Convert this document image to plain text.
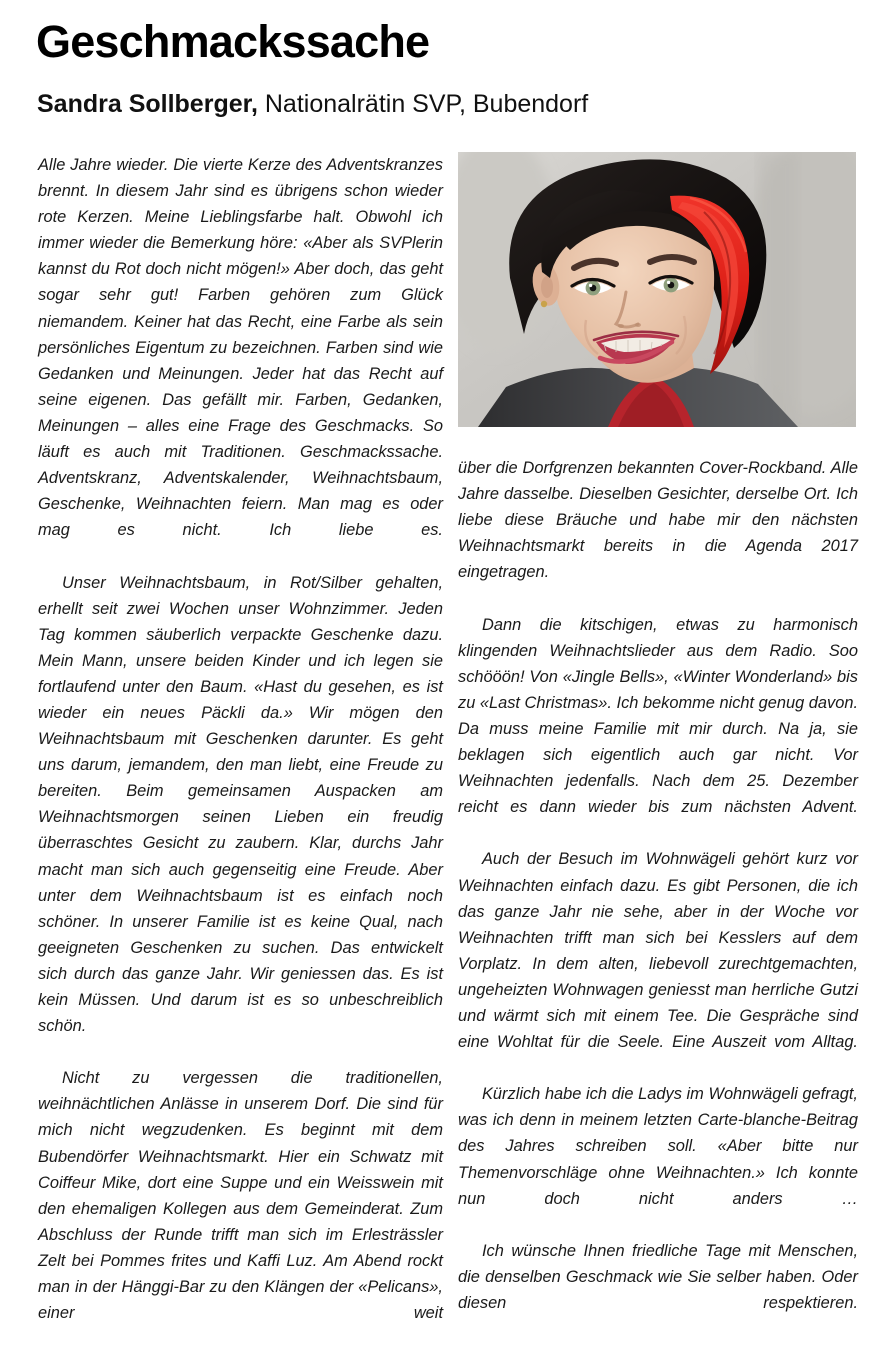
Geschmackssache
Sandra Sollberger, Nationalrätin SVP, Bubendorf

Alle Jahre wieder. Die vierte Kerze des Adventskranzes brennt. In diesem Jahr sind es übrigens schon wieder rote Kerzen. Meine Lieblingsfarbe halt. Obwohl ich immer wieder die Bemerkung höre: «Aber als SVPlerin kannst du Rot doch nicht mögen!» Aber doch, das geht sogar sehr gut! Farben gehören zum Glück niemandem. Keiner hat das Recht, eine Farbe als sein persönliches Eigentum zu bezeichnen. Farben sind wie Gedanken und Meinungen. Jeder hat das Recht auf seine eigenen. Das gefällt mir. Farben, Gedanken, Meinungen – alles eine Frage des Geschmacks. So läuft es auch mit Traditionen. Geschmackssache. Adventskranz, Adventskalender, Weihnachtsbaum, Geschenke, Weihnachten feiern. Man mag es oder mag es nicht. Ich liebe es.

Unser Weihnachtsbaum, in Rot/Silber gehalten, erhellt seit zwei Wochen unser Wohnzimmer. Jeden Tag kommen säuberlich verpackte Geschenke dazu. Mein Mann, unsere beiden Kinder und ich legen sie fortlaufend unter den Baum. «Hast du gesehen, es ist wieder ein neues Päckli da.» Wir mögen den Weihnachtsbaum mit Geschenken darunter. Es geht uns darum, jemandem, den man liebt, eine Freude zu bereiten. Beim gemeinsamen Auspacken am Weihnachtsmorgen seinen Lieben ein freudig überraschtes Gesicht zu zaubern. Klar, durchs Jahr macht man sich auch gegenseitig eine Freude. Aber unter dem Weihnachtsbaum ist es einfach noch schöner. In unserer Familie ist es keine Qual, nach geeigneten Geschenken zu suchen. Das entwickelt sich durch das ganze Jahr. Wir geniessen das. Es ist kein Müssen. Und darum ist es so unbeschreiblich schön.

Nicht zu vergessen die traditionellen, weihnächtlichen Anlässe in unserem Dorf. Die sind für mich nicht wegzudenken. Es beginnt mit dem Bubendörfer Weihnachtsmarkt. Hier ein Schwatz mit Coiffeur Mike, dort eine Suppe und ein Weisswein mit den ehemaligen Kollegen aus dem Gemeinderat. Zum Abschluss der Runde trifft man sich im Erlesträssler Zelt bei Pommes frites und Kaffi Luz. Am Abend rockt man in der Hänggi-Bar zu den Klängen der «Pelicans», einer weit

über die Dorfgrenzen bekannten Cover-Rockband. Alle Jahre dasselbe. Dieselben Gesichter, derselbe Ort. Ich liebe diese Bräuche und habe mir den nächsten Weihnachtsmarkt bereits in die Agenda 2017 eingetragen.

Dann die kitschigen, etwas zu harmonisch klingenden Weihnachtslieder aus dem Radio. Soo schööön! Von «Jingle Bells», «Winter Wonderland» bis zu «Last Christmas». Ich bekomme nicht genug davon. Da muss meine Familie mit mir durch. Na ja, sie beklagen sich eigentlich auch gar nicht. Vor Weihnachten jedenfalls. Nach dem 25. Dezember reicht es dann wieder bis zum nächsten Advent.

Auch der Besuch im Wohnwägeli gehört kurz vor Weihnachten einfach dazu. Es gibt Personen, die ich das ganze Jahr nie sehe, aber in der Woche vor Weihnachten trifft man sich bei Kesslers auf dem Vorplatz. In dem alten, liebevoll zurechtgemachten, ungeheizten Wohnwagen geniesst man herrliche Gutzi und wärmt sich mit einem Tee. Die Gespräche sind eine Wohltat für die Seele. Eine Auszeit vom Alltag.

Kürzlich habe ich die Ladys im Wohnwägeli gefragt, was ich denn in meinem letzten Carte-blanche-Beitrag des Jahres schreiben soll. «Aber bitte nur Themenvorschläge ohne Weihnachten.» Ich konnte nun doch nicht anders …

Ich wünsche Ihnen friedliche Tage mit Menschen, die denselben Geschmack wie Sie selber haben. Oder diesen respektieren.
